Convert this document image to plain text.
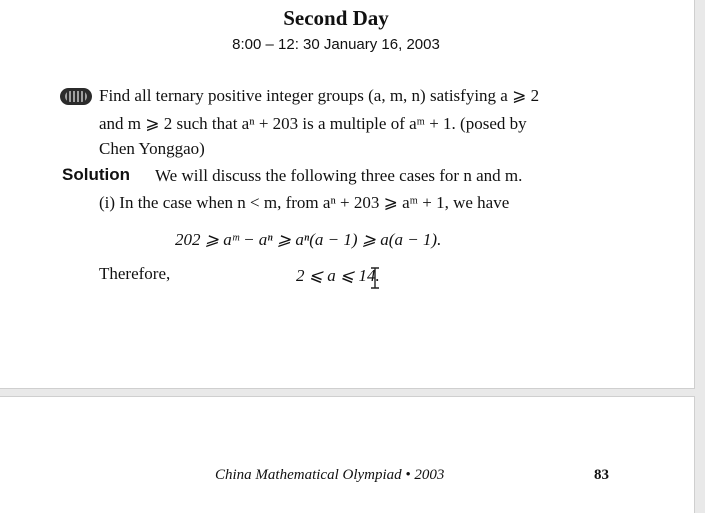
Second Day
8:00 – 12: 30 January 16, 2003
Find all ternary positive integer groups (a, m, n) satisfying a ⩾ 2
and m ⩾ 2 such that aⁿ + 203 is a multiple of aᵐ + 1. (posed by
Chen Yonggao)
Solution We will discuss the following three cases for n and m.
(i) In the case when n < m, from aⁿ + 203 ⩾ aᵐ + 1, we have
202 ⩾ aᵐ − aⁿ ⩾ aⁿ(a − 1) ⩾ a(a − 1).
Therefore,	2 ⩽ a ⩽ 14.
China Mathematical Olympiad • 2003	83
